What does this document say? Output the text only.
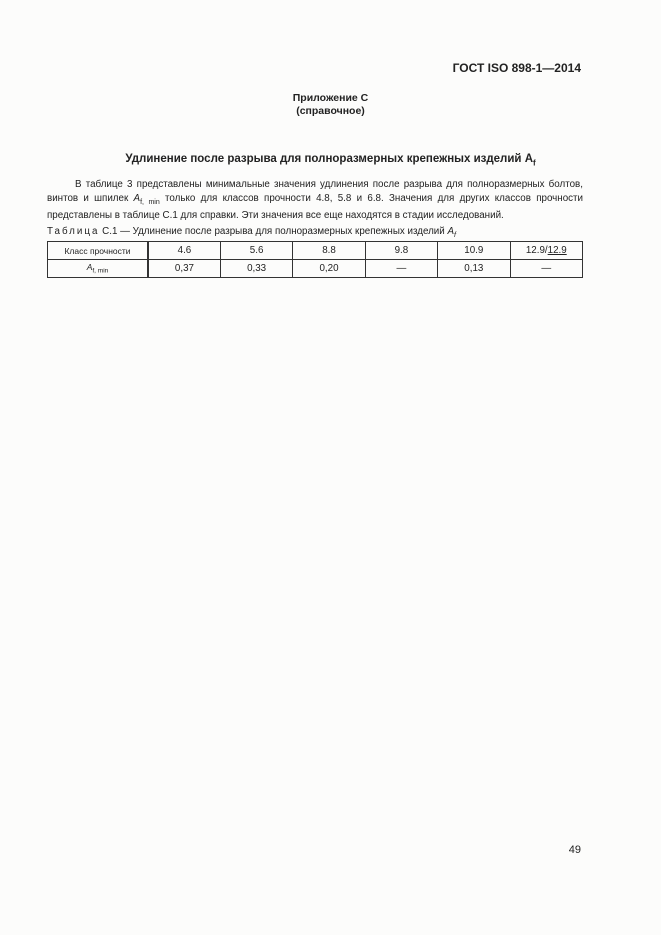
ГОСТ ISO 898-1—2014
Приложение С
(справочное)
Удлинение после разрыва для полноразмерных крепежных изделий $A_f$
В таблице 3 представлены минимальные значения удлинения после разрыва для полноразмерных болтов, винтов и шпилек $A_{f, min}$ только для классов прочности 4.8, 5.8 и 6.8. Значения для других классов прочности представлены в таблице С.1 для справки. Эти значения все еще находятся в стадии исследований.
Таблица С.1 — Удлинение после разрыва для полноразмерных крепежных изделий $A_f$
Класс прочности	4.6	5.6	8.8	9.8	10.9	12.9/12.9
$A_{f, min}$	0,37	0,33	0,20	—	0,13	—
49
